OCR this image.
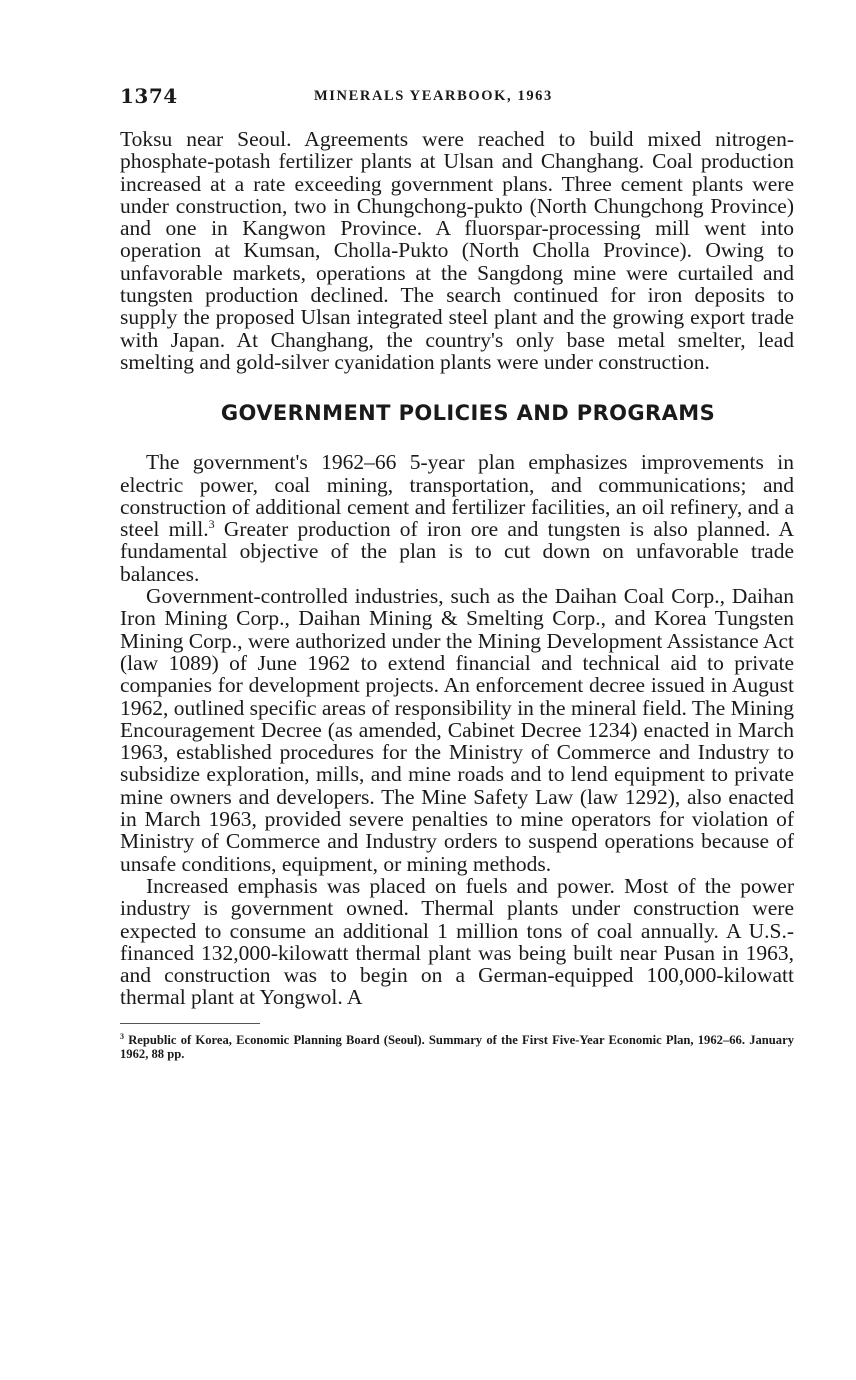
1374	MINERALS YEARBOOK, 1963

Toksu near Seoul. Agreements were reached to build mixed nitrogen-phosphate-potash fertilizer plants at Ulsan and Changhang. Coal production increased at a rate exceeding government plans. Three cement plants were under construction, two in Chungchong-pukto (North Chungchong Province) and one in Kangwon Province. A fluorspar-processing mill went into operation at Kumsan, Cholla-Pukto (North Cholla Province). Owing to unfavorable markets, operations at the Sangdong mine were curtailed and tungsten production declined. The search continued for iron deposits to supply the proposed Ulsan integrated steel plant and the growing export trade with Japan. At Changhang, the country's only base metal smelter, lead smelting and gold-silver cyanidation plants were under construction.

GOVERNMENT POLICIES AND PROGRAMS

The government's 1962–66 5-year plan emphasizes improvements in electric power, coal mining, transportation, and communications; and construction of additional cement and fertilizer facilities, an oil refinery, and a steel mill.$^3$ Greater production of iron ore and tungsten is also planned. A fundamental objective of the plan is to cut down on unfavorable trade balances.

Government-controlled industries, such as the Daihan Coal Corp., Daihan Iron Mining Corp., Daihan Mining & Smelting Corp., and Korea Tungsten Mining Corp., were authorized under the Mining Development Assistance Act (law 1089) of June 1962 to extend financial and technical aid to private companies for development projects. An enforcement decree issued in August 1962, outlined specific areas of responsibility in the mineral field. The Mining Encouragement Decree (as amended, Cabinet Decree 1234) enacted in March 1963, established procedures for the Ministry of Commerce and Industry to subsidize exploration, mills, and mine roads and to lend equipment to private mine owners and developers. The Mine Safety Law (law 1292), also enacted in March 1963, provided severe penalties to mine operators for violation of Ministry of Commerce and Industry orders to suspend operations because of unsafe conditions, equipment, or mining methods.

Increased emphasis was placed on fuels and power. Most of the power industry is government owned. Thermal plants under construction were expected to consume an additional 1 million tons of coal annually. A U.S.-financed 132,000-kilowatt thermal plant was being built near Pusan in 1963, and construction was to begin on a German-equipped 100,000-kilowatt thermal plant at Yongwol. A

$^3$ Republic of Korea, Economic Planning Board (Seoul). Summary of the First Five-Year Economic Plan, 1962–66. January 1962, 88 pp.
